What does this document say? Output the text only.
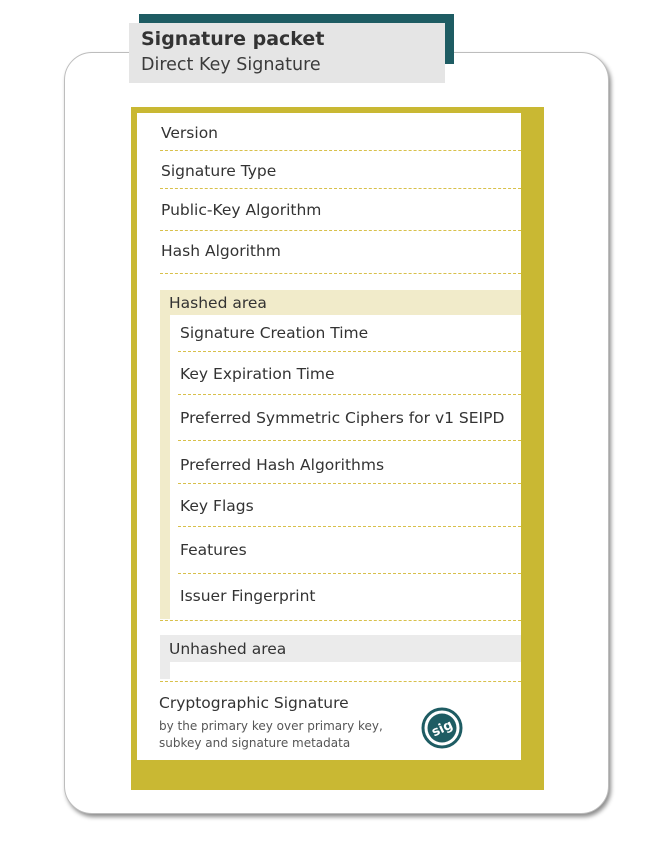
Signature packet
Direct Key Signature
Version
Signature Type
Public-Key Algorithm
Hash Algorithm
Hashed area
Signature Creation Time
Key Expiration Time
Preferred Symmetric Ciphers for v1 SEIPD
Preferred Hash Algorithms
Key Flags
Features
Issuer Fingerprint
Unhashed area
Cryptographic Signature
by the primary key over primary key, subkey and signature metadata
sig
